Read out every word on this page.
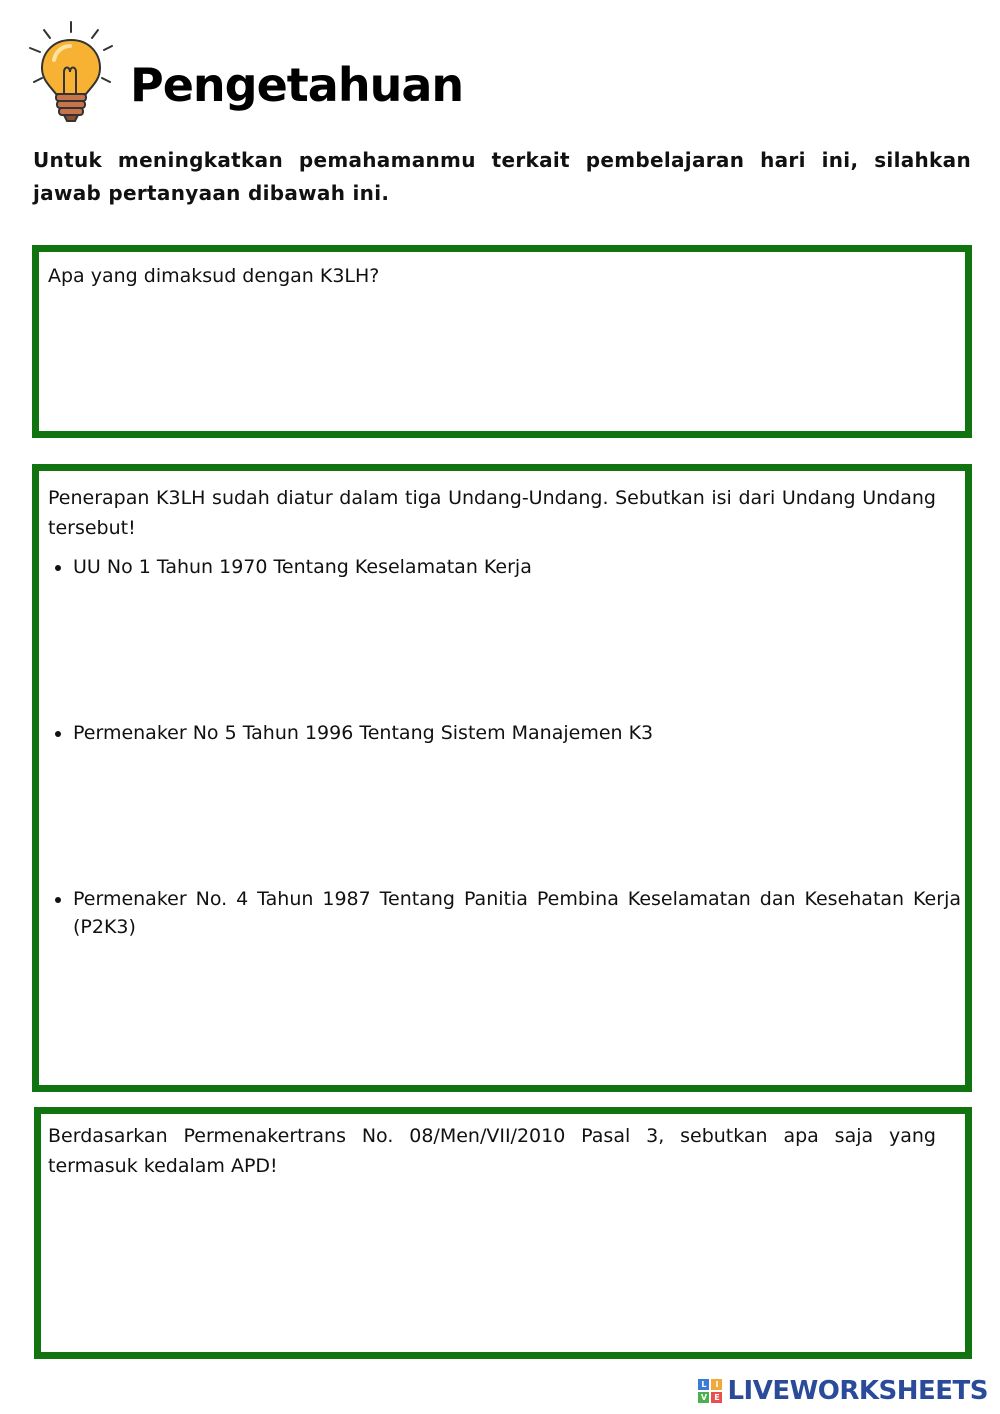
Pengetahuan
Untuk meningkatkan pemahamanmu terkait pembelajaran hari ini, silahkan jawab pertanyaan dibawah ini.
Apa yang dimaksud dengan K3LH?
Penerapan K3LH sudah diatur dalam tiga Undang-Undang. Sebutkan isi dari Undang Undang tersebut!
UU No 1 Tahun 1970 Tentang Keselamatan Kerja
Permenaker No 5 Tahun 1996 Tentang Sistem Manajemen K3
Permenaker No. 4 Tahun 1987 Tentang Panitia Pembina Keselamatan dan Kesehatan Kerja (P2K3)
Berdasarkan Permenakertrans No. 08/Men/VII/2010 Pasal 3, sebutkan apa saja yang termasuk kedalam APD!
L	I
V E LIVEWORKSHEETS
